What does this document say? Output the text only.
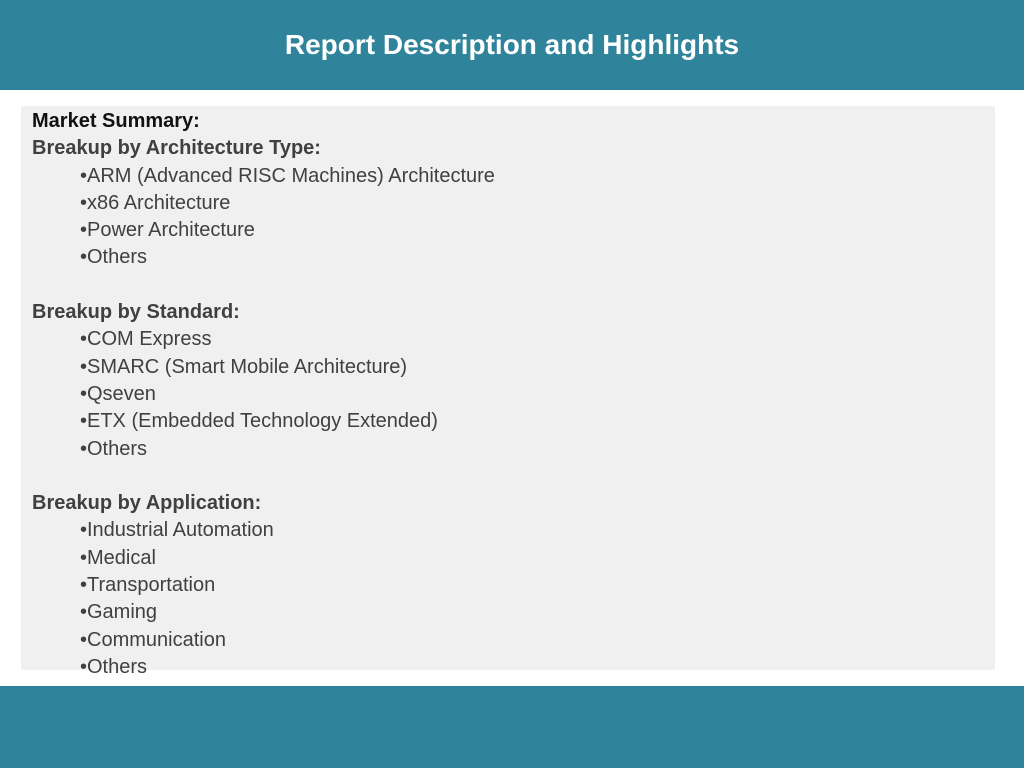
Report Description and Highlights
Market Summary:
Breakup by Architecture Type:
•ARM (Advanced RISC Machines) Architecture
•x86 Architecture
•Power Architecture
•Others
Breakup by Standard:
•COM Express
•SMARC (Smart Mobile Architecture)
•Qseven
•ETX (Embedded Technology Extended)
•Others
Breakup by Application:
•Industrial Automation
•Medical
•Transportation
•Gaming
•Communication
•Others
